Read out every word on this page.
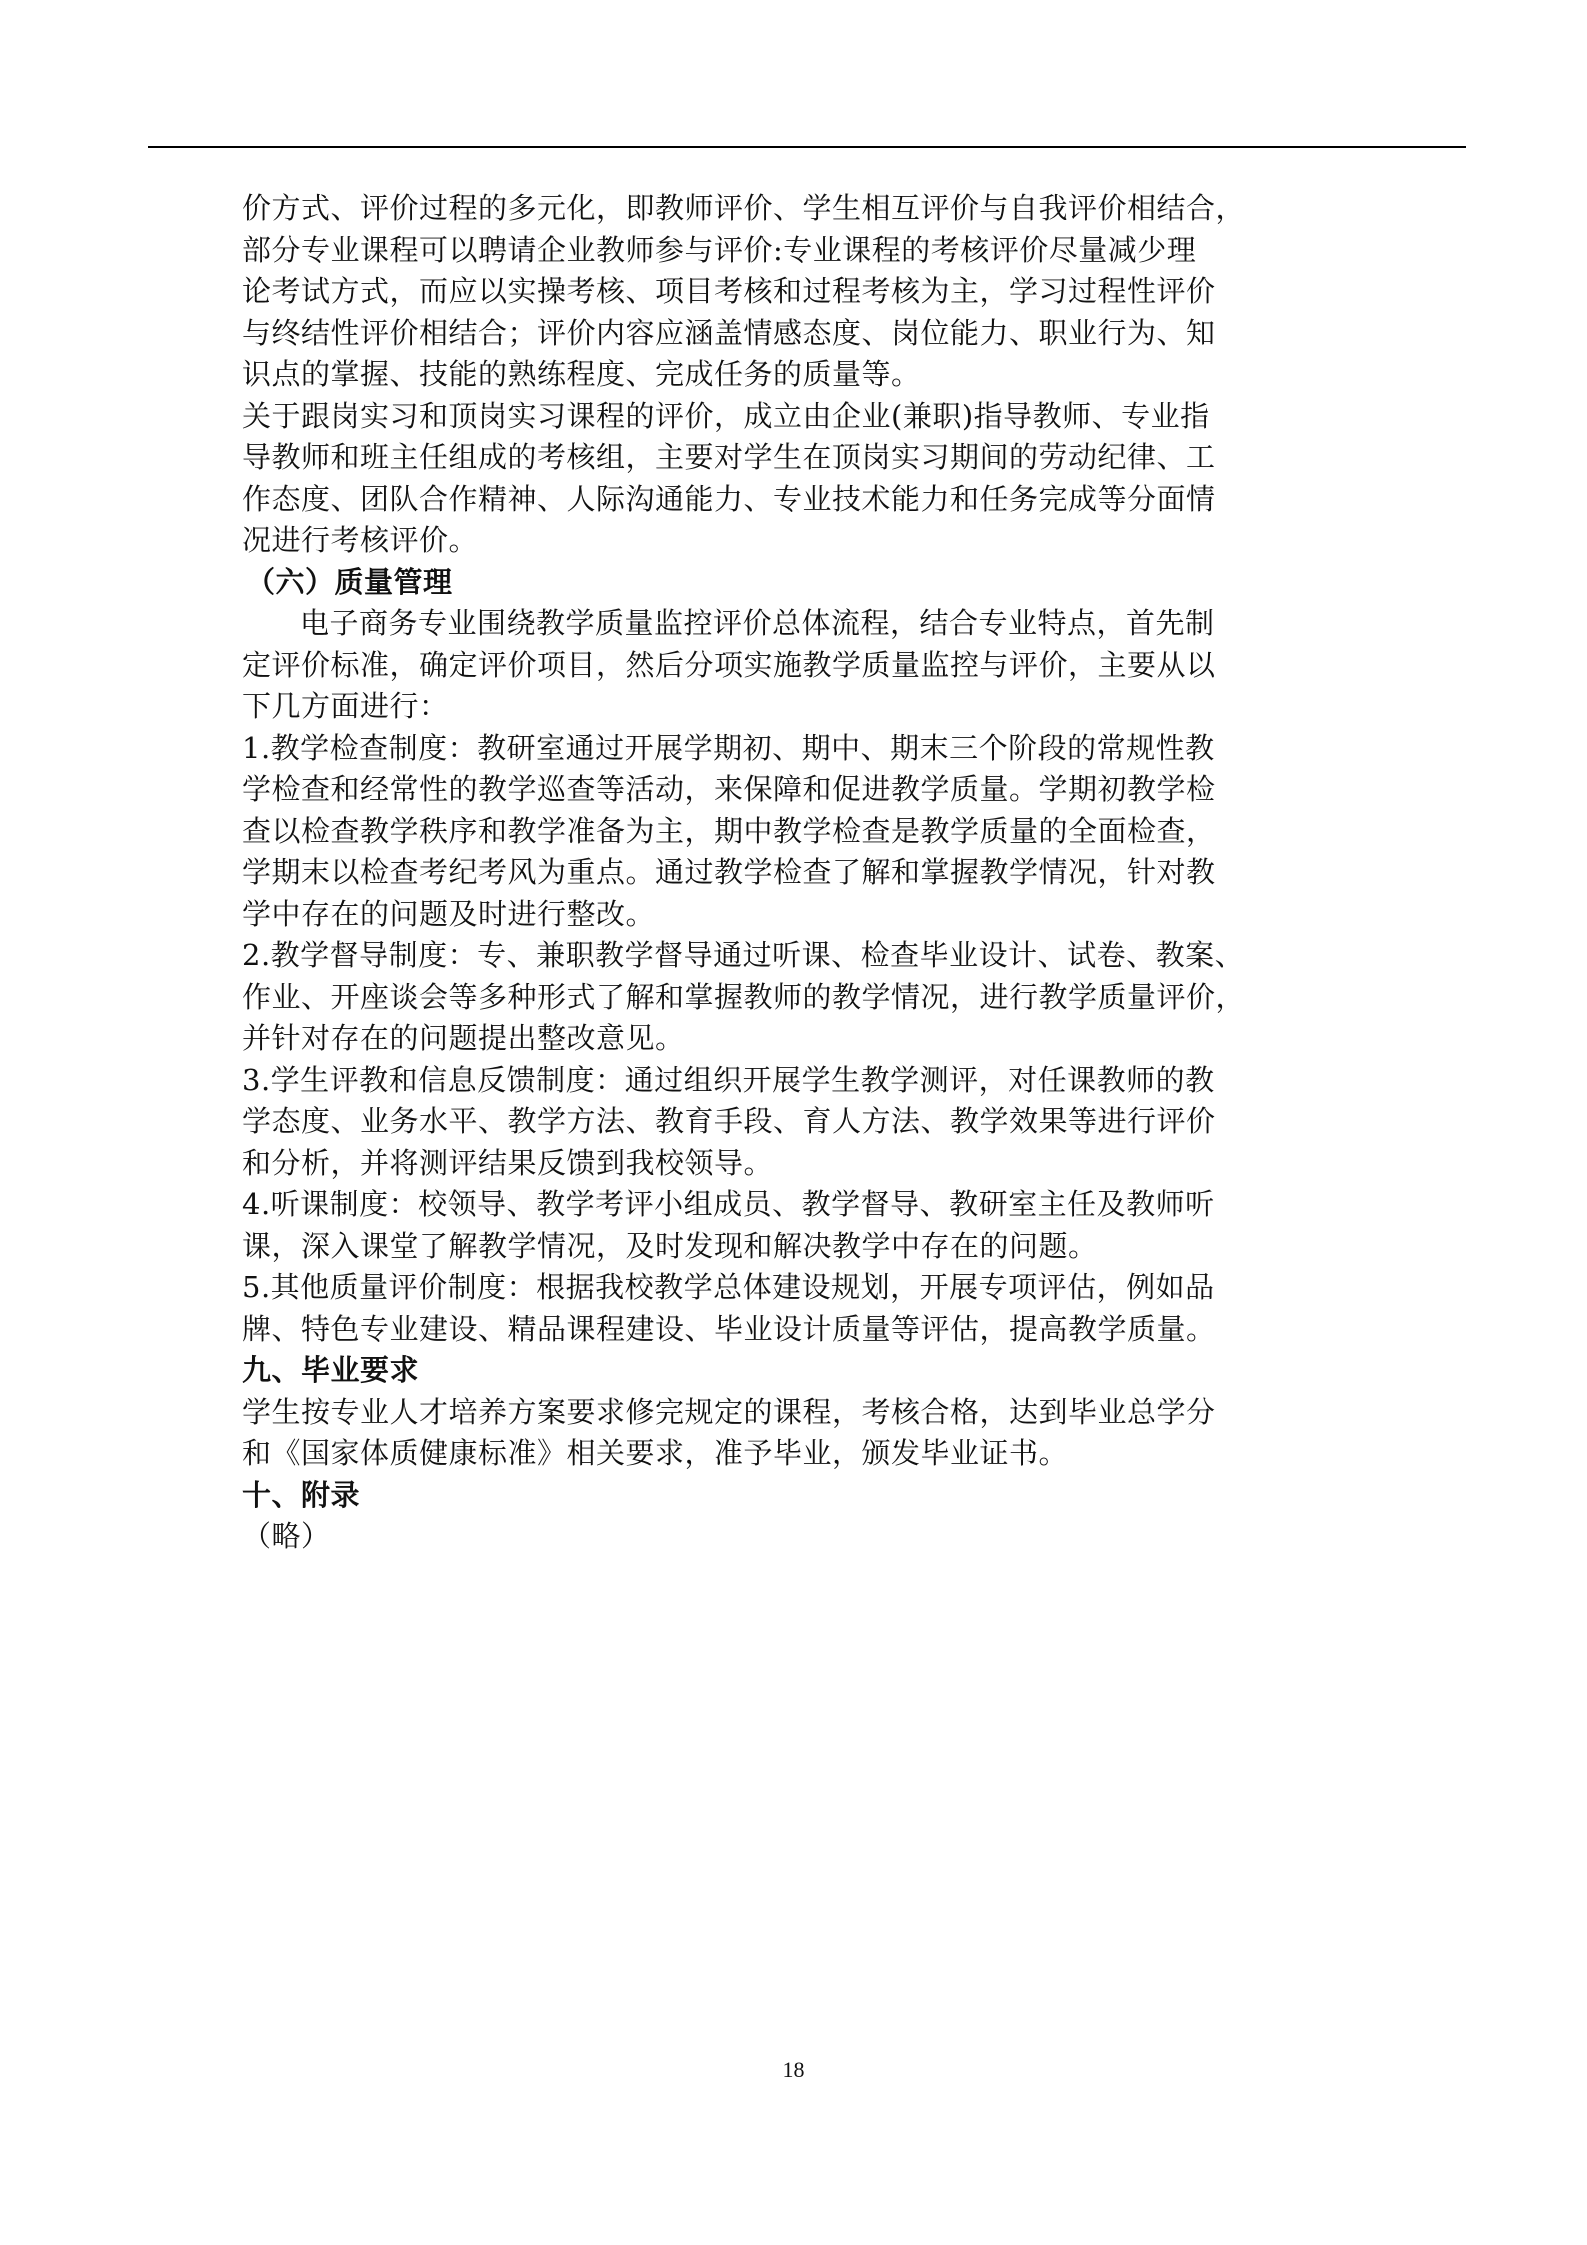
价方式、评价过程的多元化，即教师评价、学生相互评价与自我评价相结合，
部分专业课程可以聘请企业教师参与评价:专业课程的考核评价尽量减少理
论考试方式，而应以实操考核、项目考核和过程考核为主，学习过程性评价
与终结性评价相结合；评价内容应涵盖情感态度、岗位能力、职业行为、知
识点的掌握、技能的熟练程度、完成任务的质量等。
关于跟岗实习和顶岗实习课程的评价，成立由企业(兼职)指导教师、专业指
导教师和班主任组成的考核组，主要对学生在顶岗实习期间的劳动纪律、工
作态度、团队合作精神、人际沟通能力、专业技术能力和任务完成等分面情
况进行考核评价。
（六）质量管理
电子商务专业围绕教学质量监控评价总体流程，结合专业特点，首先制
定评价标准，确定评价项目，然后分项实施教学质量监控与评价，主要从以
下几方面进行：
1.教学检查制度：教研室通过开展学期初、期中、期末三个阶段的常规性教
学检查和经常性的教学巡查等活动，来保障和促进教学质量。学期初教学检
查以检查教学秩序和教学准备为主，期中教学检查是教学质量的全面检查，
学期末以检查考纪考风为重点。通过教学检查了解和掌握教学情况，针对教
学中存在的问题及时进行整改。
2.教学督导制度：专、兼职教学督导通过听课、检查毕业设计、试卷、教案、
作业、开座谈会等多种形式了解和掌握教师的教学情况，进行教学质量评价，
并针对存在的问题提出整改意见。
3.学生评教和信息反馈制度：通过组织开展学生教学测评，对任课教师的教
学态度、业务水平、教学方法、教育手段、育人方法、教学效果等进行评价
和分析，并将测评结果反馈到我校领导。
4.听课制度：校领导、教学考评小组成员、教学督导、教研室主任及教师听
课，深入课堂了解教学情况，及时发现和解决教学中存在的问题。
5.其他质量评价制度：根据我校教学总体建设规划，开展专项评估，例如品
牌、特色专业建设、精品课程建设、毕业设计质量等评估，提高教学质量。
九、毕业要求
学生按专业人才培养方案要求修完规定的课程，考核合格，达到毕业总学分
和《国家体质健康标准》相关要求，准予毕业，颁发毕业证书。
十、附录
（略）
18
